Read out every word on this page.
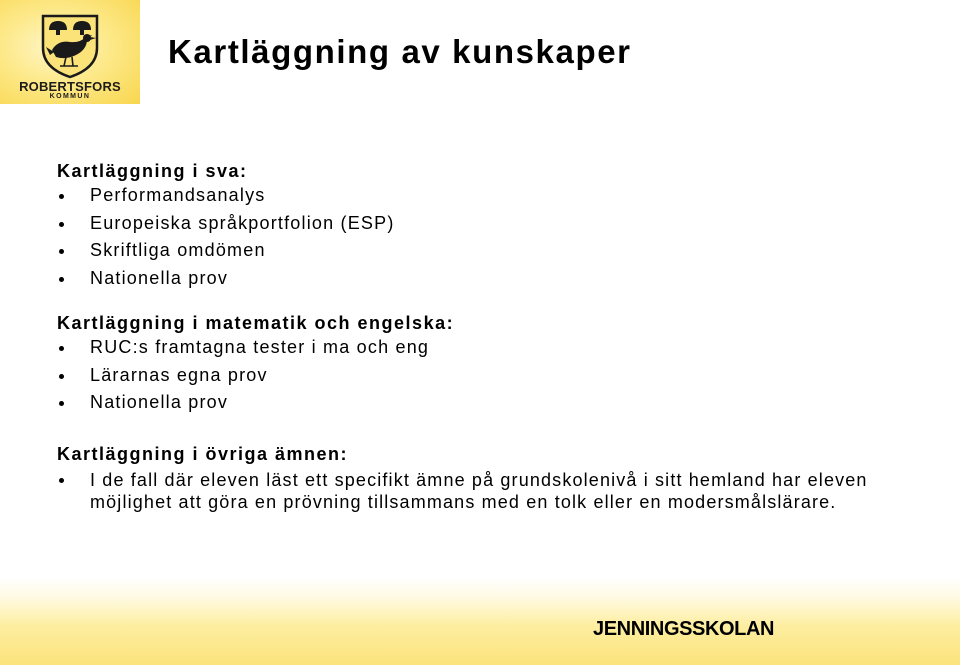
ROBERTSFORS
KOMMUN
Kartläggning av kunskaper
Kartläggning i sva:
Performandsanalys
Europeiska språkportfolion (ESP)
Skriftliga omdömen
Nationella prov
Kartläggning i matematik och engelska:
RUC:s framtagna tester i ma och eng
Lärarnas egna prov
Nationella prov
Kartläggning i övriga ämnen:
I de fall där eleven läst ett specifikt ämne på grundskolenivå i sitt hemland har eleven möjlighet att göra en prövning tillsammans med en tolk eller en modersmålslärare.
JENNINGSSKOLAN
